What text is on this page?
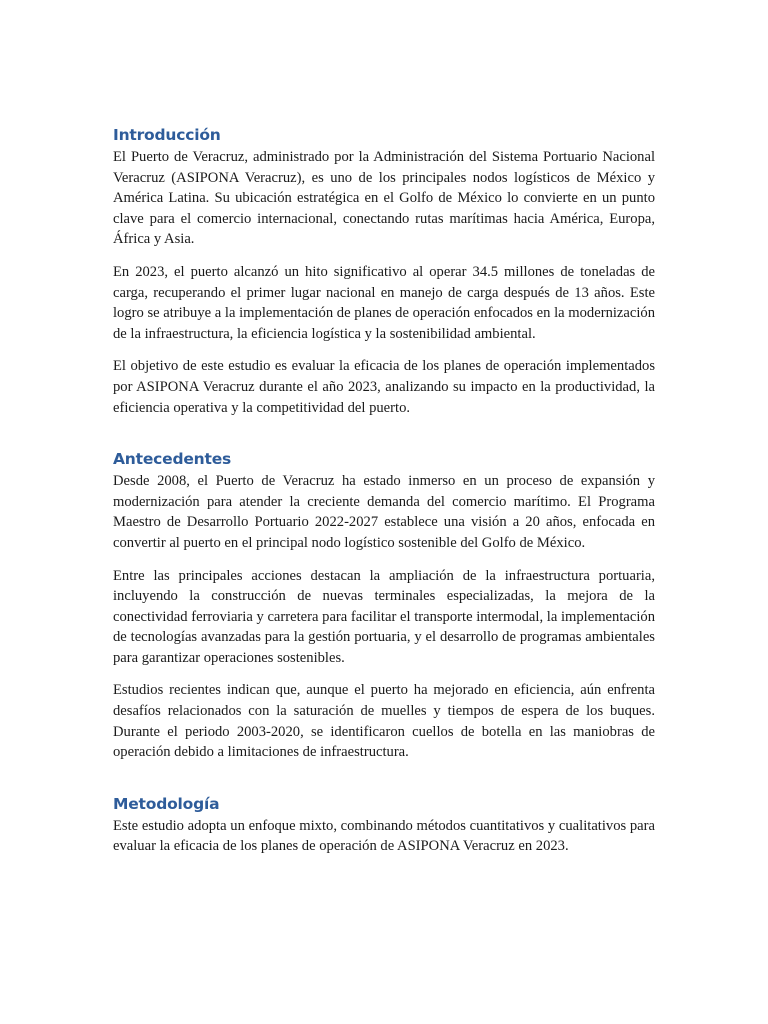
Introducción

El Puerto de Veracruz, administrado por la Administración del Sistema Portuario Nacional Veracruz (ASIPONA Veracruz), es uno de los principales nodos logísticos de México y América Latina. Su ubicación estratégica en el Golfo de México lo convierte en un punto clave para el comercio internacional, conectando rutas marítimas hacia América, Europa, África y Asia.

En 2023, el puerto alcanzó un hito significativo al operar 34.5 millones de toneladas de carga, recuperando el primer lugar nacional en manejo de carga después de 13 años. Este logro se atribuye a la implementación de planes de operación enfocados en la modernización de la infraestructura, la eficiencia logística y la sostenibilidad ambiental.

El objetivo de este estudio es evaluar la eficacia de los planes de operación implementados por ASIPONA Veracruz durante el año 2023, analizando su impacto en la productividad, la eficiencia operativa y la competitividad del puerto.

Antecedentes

Desde 2008, el Puerto de Veracruz ha estado inmerso en un proceso de expansión y modernización para atender la creciente demanda del comercio marítimo. El Programa Maestro de Desarrollo Portuario 2022-2027 establece una visión a 20 años, enfocada en convertir al puerto en el principal nodo logístico sostenible del Golfo de México.

Entre las principales acciones destacan la ampliación de la infraestructura portuaria, incluyendo la construcción de nuevas terminales especializadas, la mejora de la conectividad ferroviaria y carretera para facilitar el transporte intermodal, la implementación de tecnologías avanzadas para la gestión portuaria, y el desarrollo de programas ambientales para garantizar operaciones sostenibles.

Estudios recientes indican que, aunque el puerto ha mejorado en eficiencia, aún enfrenta desafíos relacionados con la saturación de muelles y tiempos de espera de los buques. Durante el periodo 2003-2020, se identificaron cuellos de botella en las maniobras de operación debido a limitaciones de infraestructura.

Metodología

Este estudio adopta un enfoque mixto, combinando métodos cuantitativos y cualitativos para evaluar la eficacia de los planes de operación de ASIPONA Veracruz en 2023.
